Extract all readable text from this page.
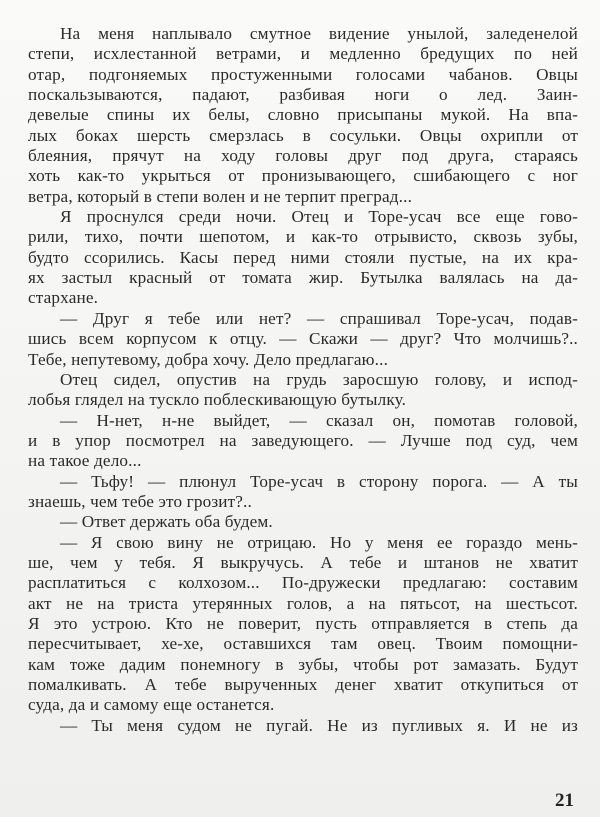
На меня наплывало смутное видение унылой, заледенелой
степи, исхлестанной ветрами, и медленно бредущих по ней
отар, подгоняемых простуженными голосами чабанов. Овцы
поскальзываются, падают, разбивая ноги о лед. Заин-
девелые спины их белы, словно присыпаны мукой. На впа-
лых боках шерсть смерзлась в сосульки. Овцы охрипли от
блеяния, прячут на ходу головы друг под друга, стараясь
хоть как-то укрыться от пронизывающего, сшибающего с ног
ветра, который в степи волен и не терпит преград...
Я проснулся среди ночи. Отец и Торе-усач все еще гово-
рили, тихо, почти шепотом, и как-то отрывисто, сквозь зубы,
будто ссорились. Касы перед ними стояли пустые, на их кра-
ях застыл красный от томата жир. Бутылка валялась на да-
стархане.
— Друг я тебе или нет? — спрашивал Торе-усач, подав-
шись всем корпусом к отцу. — Скажи — друг? Что молчишь?..
Тебе, непутевому, добра хочу. Дело предлагаю...
Отец сидел, опустив на грудь заросшую голову, и испод-
лобья глядел на тускло поблескивающую бутылку.
— Н-нет, н-не выйдет, — сказал он, помотав головой,
и в упор посмотрел на заведующего. — Лучше под суд, чем
на такое дело...
— Тьфу! — плюнул Торе-усач в сторону порога. — А ты
знаешь, чем тебе это грозит?..
— Ответ держать оба будем.
— Я свою вину не отрицаю. Но у меня ее гораздо мень-
ше, чем у тебя. Я выкручусь. А тебе и штанов не хватит
расплатиться с колхозом... По-дружески предлагаю: составим
акт не на триста утерянных голов, а на пятьсот, на шестьсот.
Я это устрою. Кто не поверит, пусть отправляется в степь да
пересчитывает, хе-хе, оставшихся там овец. Твоим помощни-
кам тоже дадим понемногу в зубы, чтобы рот замазать. Будут
помалкивать. А тебе вырученных денег хватит откупиться от
суда, да и самому еще останется.
— Ты меня судом не пугай. Не из пугливых я. И не из
21
